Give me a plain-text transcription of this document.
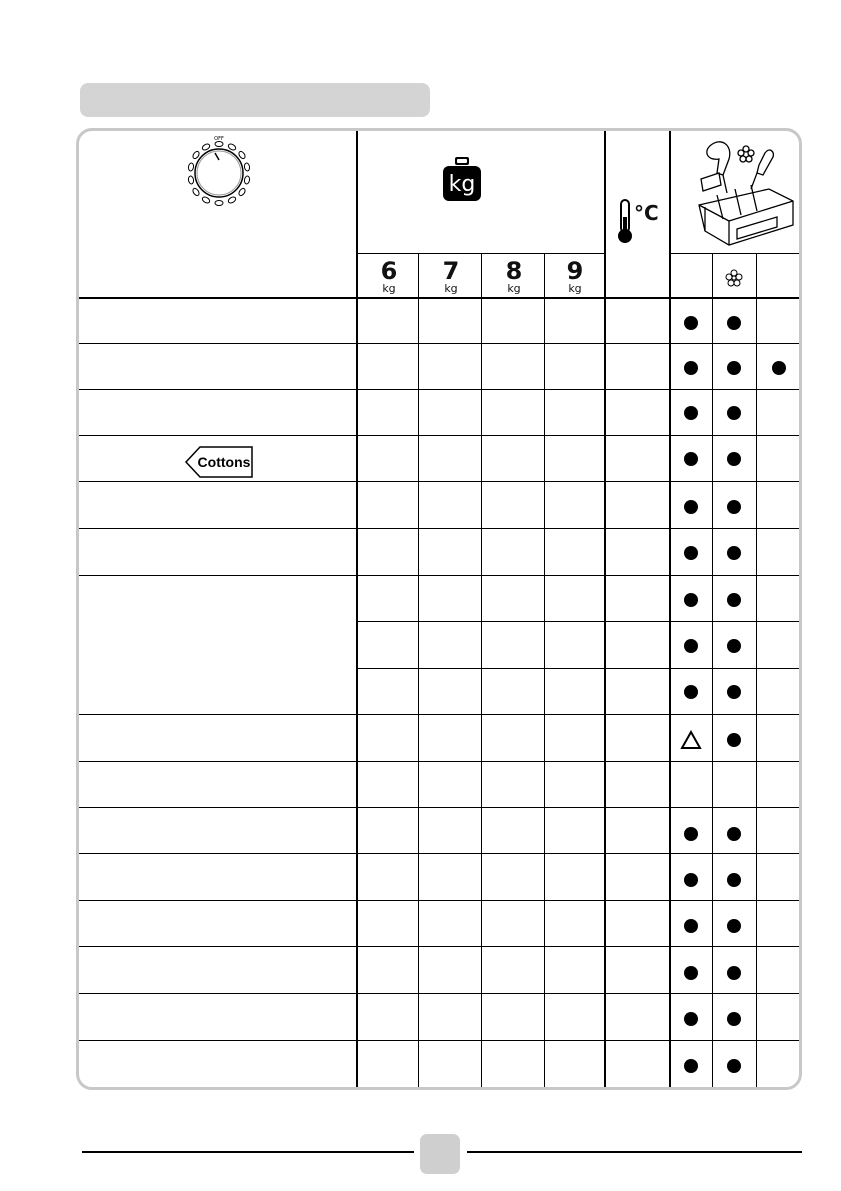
OFF
kg
6
kg
7
kg
8
kg
9
kg
°C
Cottons
